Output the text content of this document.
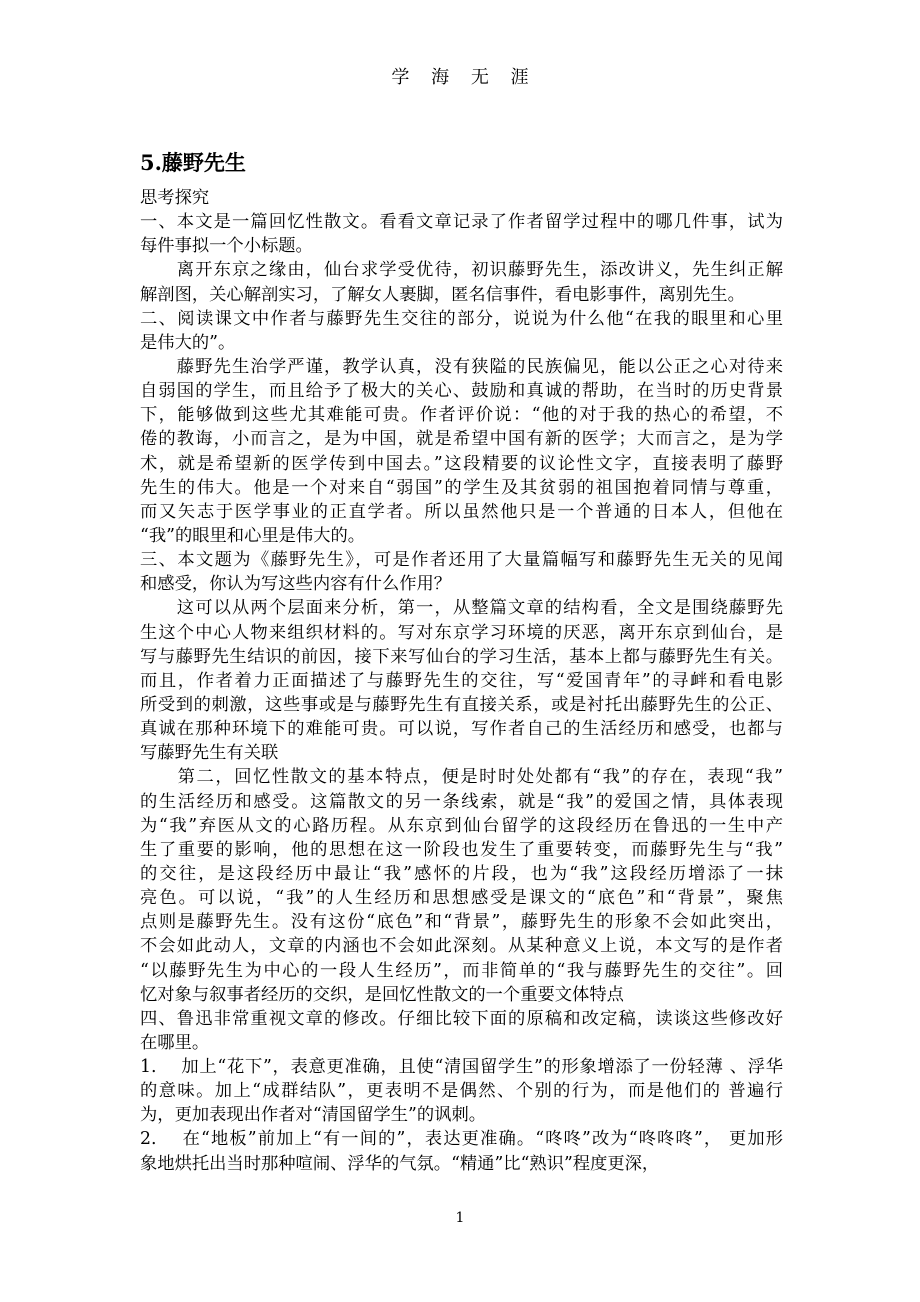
学 海 无 涯
5.藤野先生
思考探究
一、本文是一篇回忆性散文。看看文章记录了作者留学过程中的哪几件事，试为
每件事拟一个小标题。
　　离开东京之缘由，仙台求学受优待，初识藤野先生，添改讲义，先生纠正解
解剖图，关心解剖实习，了解女人裹脚，匿名信事件，看电影事件，离别先生。
二、阅读课文中作者与藤野先生交往的部分，说说为什么他“在我的眼里和心里
是伟大的”。
　　藤野先生治学严谨，教学认真，没有狭隘的民族偏见，能以公正之心对待来
自弱国的学生，而且给予了极大的关心、鼓励和真诚的帮助，在当时的历史背景
下，能够做到这些尤其难能可贵。作者评价说：“他的对于我的热心的希望，不
倦的教诲，小而言之，是为中国，就是希望中国有新的医学；大而言之，是为学
术，就是希望新的医学传到中国去。”这段精要的议论性文字，直接表明了藤野
先生的伟大。他是一个对来自“弱国”的学生及其贫弱的祖国抱着同情与尊重，
而又矢志于医学事业的正直学者。所以虽然他只是一个普通的日本人，但他在
“我”的眼里和心里是伟大的。
三、本文题为《藤野先生》，可是作者还用了大量篇幅写和藤野先生无关的见闻
和感受，你认为写这些内容有什么作用？
　　这可以从两个层面来分析，第一，从整篇文章的结构看，全文是围绕藤野先
生这个中心人物来组织材料的。写对东京学习环境的厌恶，离开东京到仙台，是
写与藤野先生结识的前因，接下来写仙台的学习生活，基本上都与藤野先生有关。
而且，作者着力正面描述了与藤野先生的交往，写“爱国青年”的寻衅和看电影
所受到的刺激，这些事或是与藤野先生有直接关系，或是衬托出藤野先生的公正、
真诚在那种环境下的难能可贵。可以说，写作者自己的生活经历和感受，也都与
写藤野先生有关联
　　第二，回忆性散文的基本特点，便是时时处处都有“我”的存在，表现“我”
的生活经历和感受。这篇散文的另一条线索，就是“我”的爱国之情，具体表现
为“我”弃医从文的心路历程。从东京到仙台留学的这段经历在鲁迅的一生中产
生了重要的影响，他的思想在这一阶段也发生了重要转变，而藤野先生与“我”
的交往，是这段经历中最让“我”感怀的片段，也为“我”这段经历增添了一抹
亮色。可以说，“我”的人生经历和思想感受是课文的“底色”和“背景”，聚焦
点则是藤野先生。没有这份“底色”和“背景”，藤野先生的形象不会如此突出，
不会如此动人，文章的内涵也不会如此深刻。从某种意义上说，本文写的是作者
“以藤野先生为中心的一段人生经历”，而非简单的“我与藤野先生的交往”。回
忆对象与叙事者经历的交织，是回忆性散文的一个重要文体特点
四、鲁迅非常重视文章的修改。仔细比较下面的原稿和改定稿，读谈这些修改好
在哪里。
1.　 加上“花下”，表意更准确，且使“清国留学生”的形象增添了一份轻薄 、浮华
的意味。加上“成群结队”，更表明不是偶然、个别的行为，而是他们的 普遍行
为，更加表现出作者对“清国留学生”的讽刺。
2.　 在“地板”前加上“有一间的”，表达更准确。“咚咚”改为“咚咚咚”， 更加形
象地烘托出当时那种喧闹、浮华的气氛。“精通”比“熟识”程度更深，
1
